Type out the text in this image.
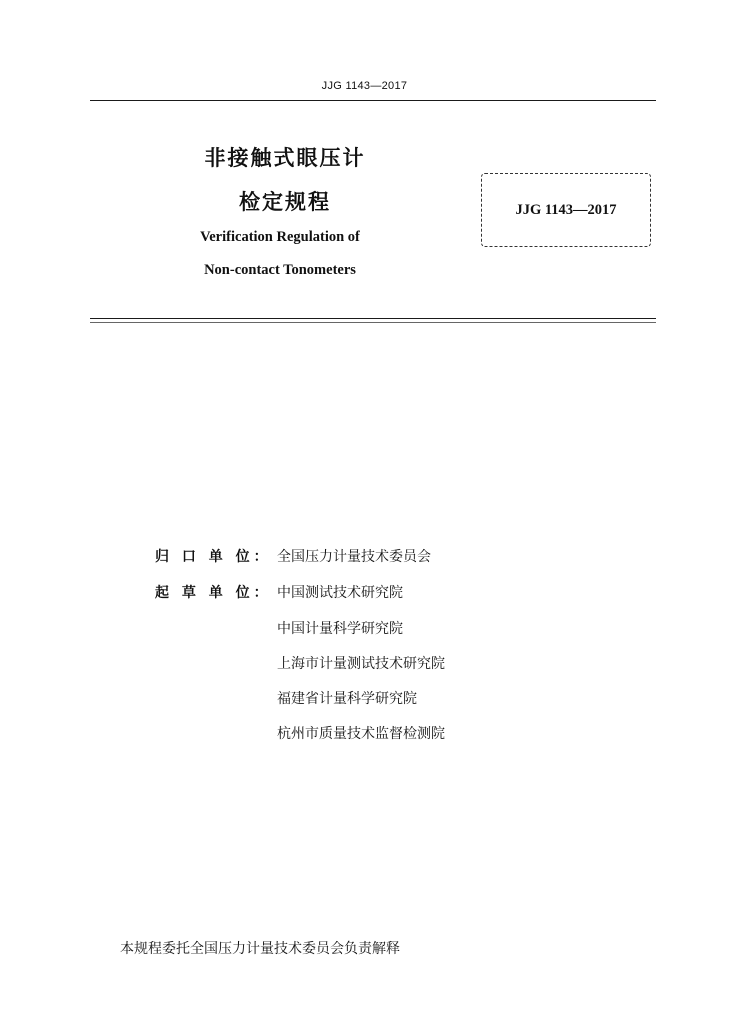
JJG 1143—2017
非接触式眼压计
检定规程
Verification Regulation of
Non-contact Tonometers
JJG 1143—2017
归 口 单 位： 全国压力计量技术委员会
起 草 单 位： 中国测试技术研究院
中国计量科学研究院
上海市计量测试技术研究院
福建省计量科学研究院
杭州市质量技术监督检测院
本规程委托全国压力计量技术委员会负责解释
